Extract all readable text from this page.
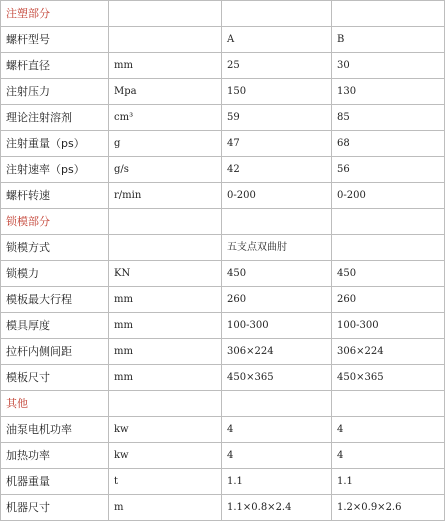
注塑部分			
螺杆型号		A	B
螺杆直径	mm	25	30
注射压力	Mpa	150	130
理论注射溶剂	cm³	59	85
注射重量（ps）	g	47	68
注射速率（ps）	g/s	42	56
螺杆转速	r/min	0-200	0-200
锁模部分			
锁模方式		五支点双曲肘	
锁模力	KN	450	450
模板最大行程	mm	260	260
模具厚度	mm	100-300	100-300
拉杆内侧间距	mm	306×224	306×224
模板尺寸	mm	450×365	450×365
其他			
油泵电机功率	kw	4	4
加热功率	kw	4	4
机器重量	t	1.1	1.1
机器尺寸	m	1.1×0.8×2.4	1.2×0.9×2.6
